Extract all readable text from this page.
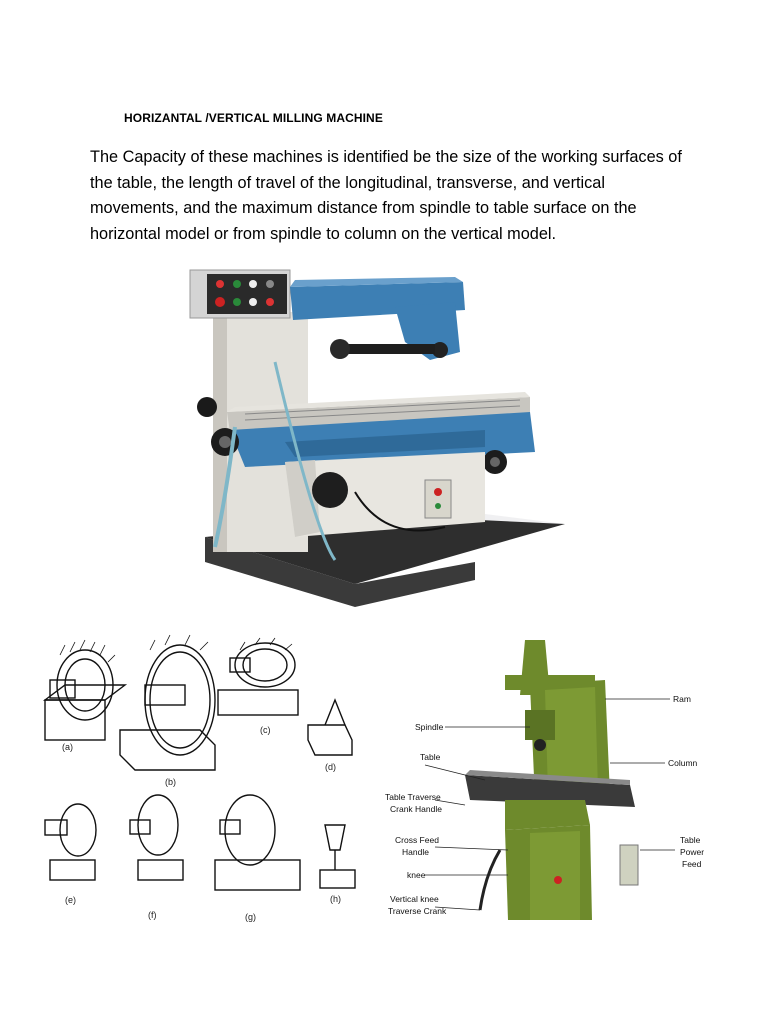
HORIZANTAL /VERTICAL MILLING MACHINE
The Capacity of these machines is identified be the size of the working surfaces of
the table, the length of travel of the longitudinal, transverse, and vertical
movements, and the maximum distance from spindle to table surface on the
horizontal model or from spindle to column on the vertical model.
(a)
(b)
(c)
(d)
(e)
(f)	(g)
(h)
Ram
Spindle
Table
Column
Table Traverse
Crank Handle
Cross Feed
Handle
knee
Vertical knee
Traverse Crank
Table
Power
Feed
